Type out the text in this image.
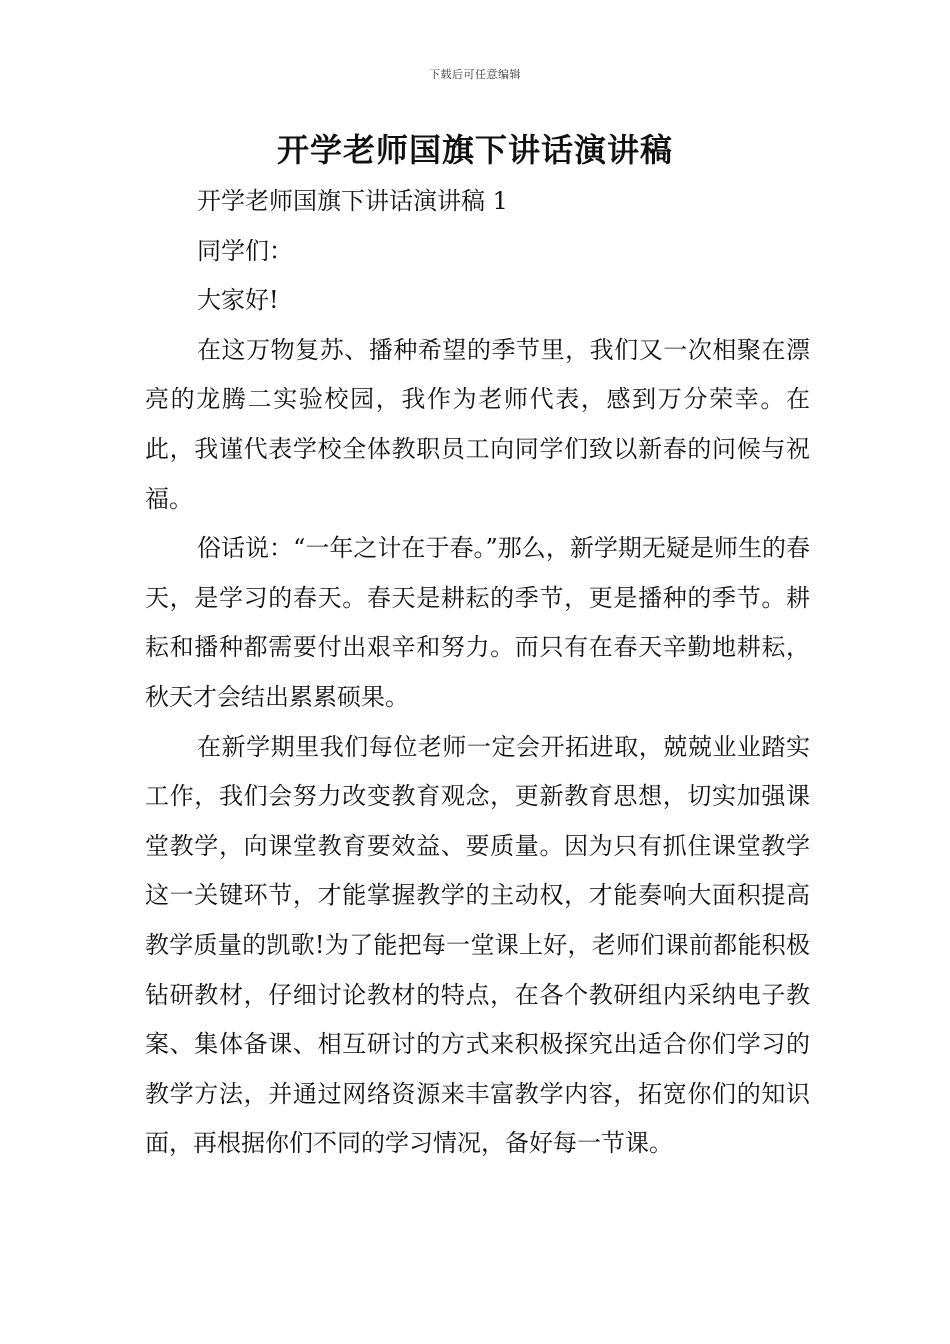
下载后可任意编辑
开学老师国旗下讲话演讲稿

开学老师国旗下讲话演讲稿 1

同学们：

大家好!

在这万物复苏、播种希望的季节里，我们又一次相聚在漂亮的龙腾二实验校园，我作为老师代表，感到万分荣幸。在此，我谨代表学校全体教职员工向同学们致以新春的问候与祝福。

俗话说：“一年之计在于春。”那么，新学期无疑是师生的春天，是学习的春天。春天是耕耘的季节，更是播种的季节。耕耘和播种都需要付出艰辛和努力。而只有在春天辛勤地耕耘，秋天才会结出累累硕果。

在新学期里我们每位老师一定会开拓进取，兢兢业业踏实工作，我们会努力改变教育观念，更新教育思想，切实加强课堂教学，向课堂教育要效益、要质量。因为只有抓住课堂教学这一关键环节，才能掌握教学的主动权，才能奏响大面积提高教学质量的凯歌!为了能把每一堂课上好，老师们课前都能积极钻研教材，仔细讨论教材的特点，在各个教研组内采纳电子教案、集体备课、相互研讨的方式来积极探究出适合你们学习的教学方法，并通过网络资源来丰富教学内容，拓宽你们的知识面，再根据你们不同的学习情况，备好每一节课。
